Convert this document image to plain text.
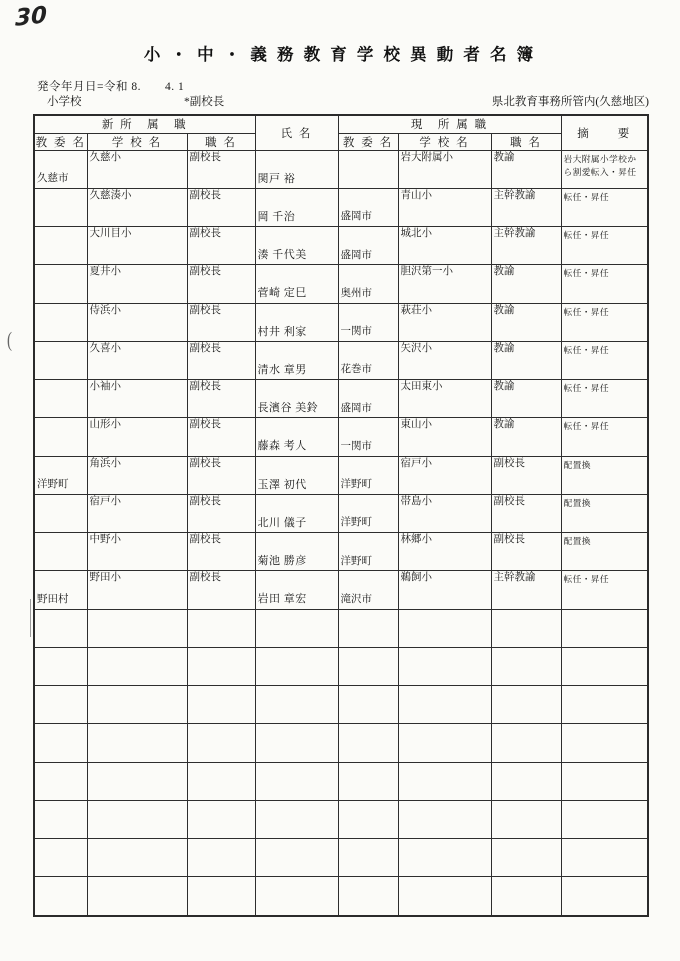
30
小 ・ 中 ・ 義 務 教 育 学 校 異 動 者 名 簿
発令年月日=令和 8.　　4. 1
小学校	*副校長	県北教育事務所管内(久慈地区)
(
新 所　属　職			氏 名	現　所 属 職			摘　　要
教 委 名	学 校 名	職 名		教 委 名	学 校 名	職 名	

久慈市	久慈小	副校長	関戸 裕		岩大附属小	教諭	岩大附属小学校から割愛転入・昇任

	久慈湊小	副校長	岡 千治	盛岡市	青山小	主幹教諭	転任・昇任

	大川目小	副校長	湊 千代美	盛岡市	城北小	主幹教諭	転任・昇任

	夏井小	副校長	菅崎 定巳	奥州市	胆沢第一小	教諭	転任・昇任

	侍浜小	副校長	村井 利家	一関市	萩荘小	教諭	転任・昇任

	久喜小	副校長	清水 章男	花巻市	矢沢小	教諭	転任・昇任

	小袖小	副校長	長濱谷 美鈴	盛岡市	太田東小	教諭	転任・昇任

	山形小	副校長	藤森 考人	一関市	東山小	教諭	転任・昇任

洋野町	角浜小	副校長	玉澤 初代	洋野町	宿戸小	副校長	配置換

	宿戸小	副校長	北川 儀子	洋野町	帯島小	副校長	配置換

	中野小	副校長	菊池 勝彦	洋野町	林郷小	副校長	配置換

野田村	野田小	副校長	岩田 章宏	滝沢市	鵜飼小	主幹教諭	転任・昇任
